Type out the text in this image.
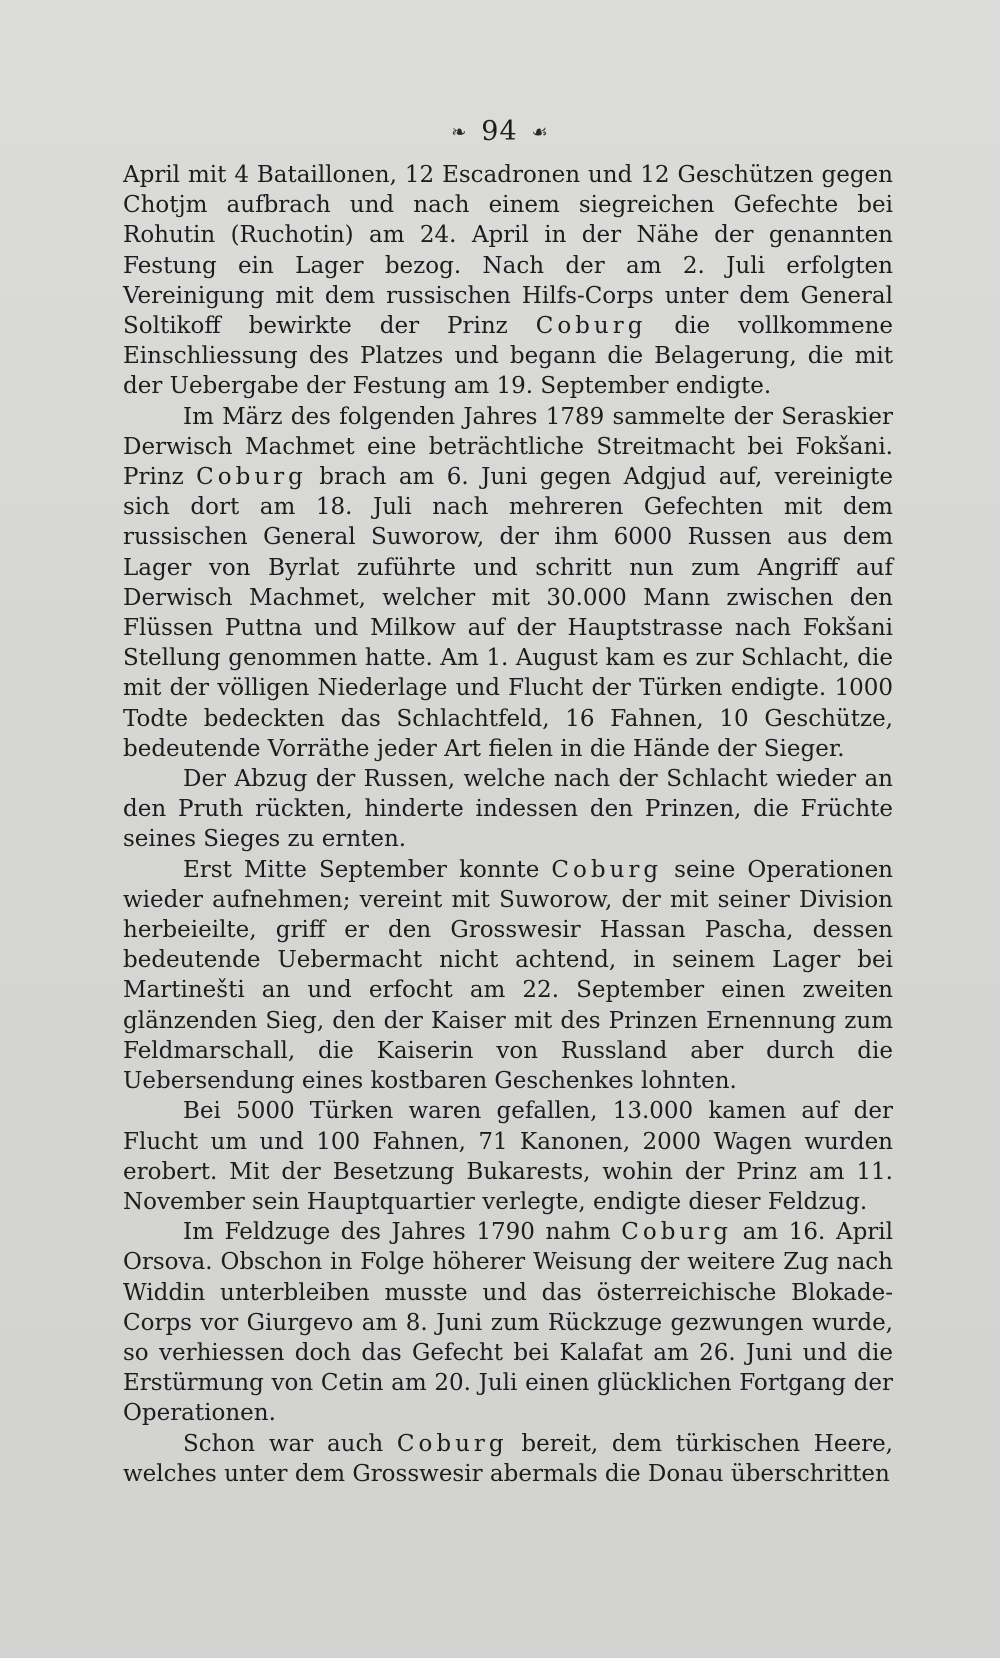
❧ 94 ☙

April mit 4 Bataillonen, 12 Escadronen und 12 Geschützen gegen Chotjm aufbrach und nach einem siegreichen Gefechte bei Rohutin (Ruchotin) am 24. April in der Nähe der genannten Festung ein Lager bezog. Nach der am 2. Juli erfolgten Vereinigung mit dem russischen Hilfs-Corps unter dem General Soltikoff bewirkte der Prinz Coburg die vollkommene Einschliessung des Platzes und begann die Belagerung, die mit der Uebergabe der Festung am 19. September endigte.

Im März des folgenden Jahres 1789 sammelte der Seraskier Derwisch Machmet eine beträchtliche Streitmacht bei Fokšani. Prinz Coburg brach am 6. Juni gegen Adgjud auf, vereinigte sich dort am 18. Juli nach mehreren Gefechten mit dem russischen General Suworow, der ihm 6000 Russen aus dem Lager von Byrlat zuführte und schritt nun zum Angriff auf Derwisch Machmet, welcher mit 30.000 Mann zwischen den Flüssen Puttna und Milkow auf der Hauptstrasse nach Fokšani Stellung genommen hatte. Am 1. August kam es zur Schlacht, die mit der völligen Niederlage und Flucht der Türken endigte. 1000 Todte bedeckten das Schlachtfeld, 16 Fahnen, 10 Geschütze, bedeutende Vorräthe jeder Art fielen in die Hände der Sieger.

Der Abzug der Russen, welche nach der Schlacht wieder an den Pruth rückten, hinderte indessen den Prinzen, die Früchte seines Sieges zu ernten.

Erst Mitte September konnte Coburg seine Operationen wieder aufnehmen; vereint mit Suworow, der mit seiner Division herbeieilte, griff er den Grosswesir Hassan Pascha, dessen bedeutende Uebermacht nicht achtend, in seinem Lager bei Martinešti an und erfocht am 22. September einen zweiten glänzenden Sieg, den der Kaiser mit des Prinzen Ernennung zum Feldmarschall, die Kaiserin von Russland aber durch die Uebersendung eines kostbaren Geschenkes lohnten.

Bei 5000 Türken waren gefallen, 13.000 kamen auf der Flucht um und 100 Fahnen, 71 Kanonen, 2000 Wagen wurden erobert. Mit der Besetzung Bukarests, wohin der Prinz am 11. November sein Hauptquartier verlegte, endigte dieser Feldzug.

Im Feldzuge des Jahres 1790 nahm Coburg am 16. April Orsova. Obschon in Folge höherer Weisung der weitere Zug nach Widdin unterbleiben musste und das österreichische Blokade-Corps vor Giurgevo am 8. Juni zum Rückzuge gezwungen wurde, so verhiessen doch das Gefecht bei Kalafat am 26. Juni und die Erstürmung von Cetin am 20. Juli einen glücklichen Fortgang der Operationen.

Schon war auch Coburg bereit, dem türkischen Heere, welches unter dem Grosswesir abermals die Donau überschritten
